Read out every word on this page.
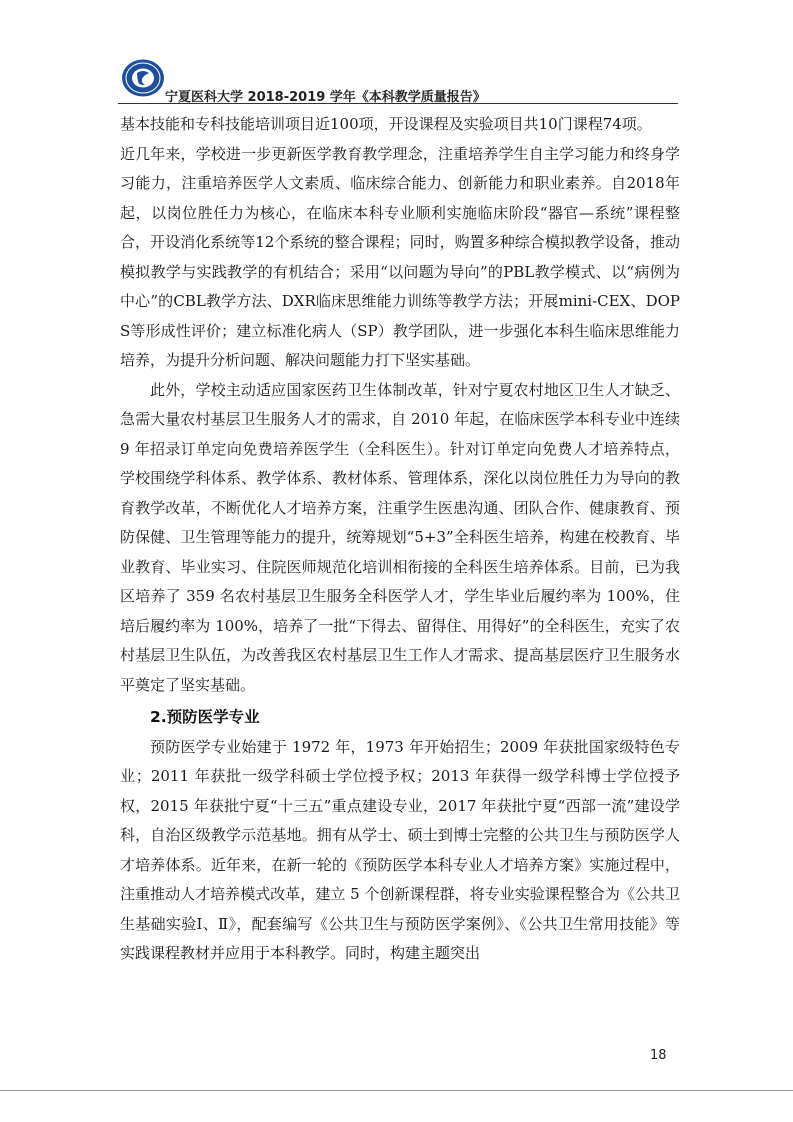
宁夏医科大学 2018-2019 学年《本科教学质量报告》

基本技能和专科技能培训项目近100项，开设课程及实验项目共10门课程74项。

近几年来，学校进一步更新医学教育教学理念，注重培养学生自主学习能力和终身学习能力，注重培养医学人文素质、临床综合能力、创新能力和职业素养。自2018年起，以岗位胜任力为核心，在临床本科专业顺利实施临床阶段“器官—系统”课程整合，开设消化系统等12个系统的整合课程；同时，购置多种综合模拟教学设备，推动模拟教学与实践教学的有机结合；采用“以问题为导向”的PBL教学模式、以“病例为中心”的CBL教学方法、DXR临床思维能力训练等教学方法；开展mini-CEX、DOPS等形成性评价；建立标准化病人（SP）教学团队，进一步强化本科生临床思维能力培养，为提升分析问题、解决问题能力打下坚实基础。

此外，学校主动适应国家医药卫生体制改革，针对宁夏农村地区卫生人才缺乏、急需大量农村基层卫生服务人才的需求，自 2010 年起，在临床医学本科专业中连续 9 年招录订单定向免费培养医学生（全科医生）。针对订单定向免费人才培养特点，学校围绕学科体系、教学体系、教材体系、管理体系，深化以岗位胜任力为导向的教育教学改革，不断优化人才培养方案，注重学生医患沟通、团队合作、健康教育、预防保健、卫生管理等能力的提升，统筹规划“5+3”全科医生培养，构建在校教育、毕业教育、毕业实习、住院医师规范化培训相衔接的全科医生培养体系。目前，已为我区培养了 359 名农村基层卫生服务全科医学人才，学生毕业后履约率为 100%，住培后履约率为 100%，培养了一批“下得去、留得住、用得好”的全科医生，充实了农村基层卫生队伍，为改善我区农村基层卫生工作人才需求、提高基层医疗卫生服务水平奠定了坚实基础。

2.预防医学专业

预防医学专业始建于 1972 年，1973 年开始招生；2009 年获批国家级特色专业；2011 年获批一级学科硕士学位授予权；2013 年获得一级学科博士学位授予权，2015 年获批宁夏“十三五”重点建设专业，2017 年获批宁夏“西部一流”建设学科，自治区级教学示范基地。拥有从学士、硕士到博士完整的公共卫生与预防医学人才培养体系。近年来，在新一轮的《预防医学本科专业人才培养方案》实施过程中，注重推动人才培养模式改革，建立 5 个创新课程群，将专业实验课程整合为《公共卫生基础实验Ⅰ、Ⅱ》，配套编写《公共卫生与预防医学案例》、《公共卫生常用技能》等实践课程教材并应用于本科教学。同时，构建主题突出

18
